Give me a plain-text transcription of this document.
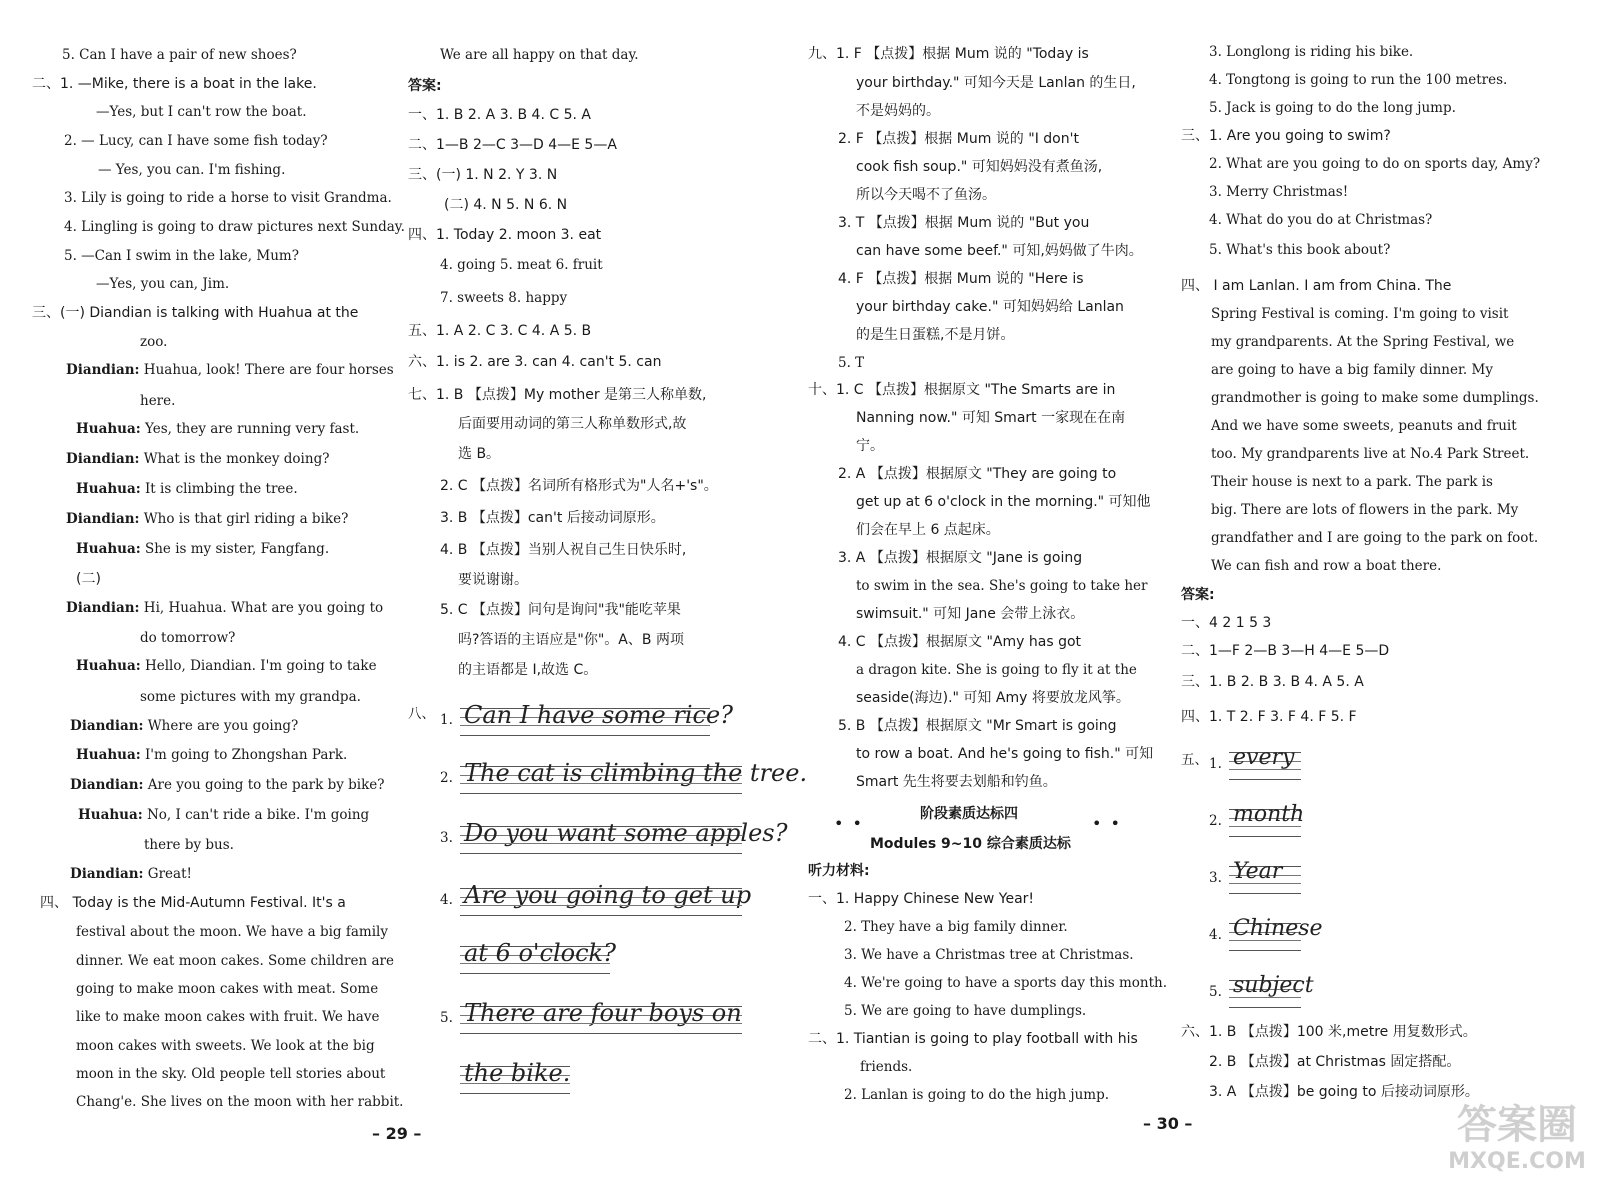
5. Can I have a pair of new shoes?
二、1. —Mike, there is a boat in the lake.
—Yes, but I can't row the boat.
2. — Lucy, can I have some fish today?
— Yes, you can. I'm fishing.
3. Lily is going to ride a horse to visit Grandma.
4. Lingling is going to draw pictures next Sunday.
5. —Can I swim in the lake, Mum?
—Yes, you can, Jim.
三、(一) Diandian is talking with Huahua at the
zoo.
Diandian: Huahua, look! There are four horses
here.
Huahua: Yes, they are running very fast.
Diandian: What is the monkey doing?
Huahua: It is climbing the tree.
Diandian: Who is that girl riding a bike?
Huahua: She is my sister, Fangfang.
(二)
Diandian: Hi, Huahua. What are you going to
do tomorrow?
Huahua: Hello, Diandian. I'm going to take
some pictures with my grandpa.
Diandian: Where are you going?
Huahua: I'm going to Zhongshan Park.
Diandian: Are you going to the park by bike?
Huahua: No, I can't ride a bike. I'm going
there by bus.
Diandian: Great!
四、 Today is the Mid-Autumn Festival. It's a
festival about the moon. We have a big family
dinner. We eat moon cakes. Some children are
going to make moon cakes with meat. Some
like to make moon cakes with fruit. We have
moon cakes with sweets. We look at the big
moon in the sky. Old people tell stories about
Chang'e. She lives on the moon with her rabbit.
八、 1. Can I have some rice?
2. The cat is climbing the tree.
3. Do you want some apples?
4. Are you going to get up
at 6 o'clock?
5. There are four boys on
the bike.
We are all happy on that day.
答案:
一、1. B 2. A 3. B 4. C 5. A
二、1—B 2—C 3—D 4—E 5—A
三、(一) 1. N 2. Y 3. N
(二) 4. N 5. N 6. N
四、1. Today 2. moon 3. eat
4. going 5. meat 6. fruit
7. sweets 8. happy
五、1. A 2. C 3. C 4. A 5. B
六、1. is 2. are 3. can 4. can't 5. can
七、1. B 【点拨】My mother 是第三人称单数,
后面要用动词的第三人称单数形式,故
选 B。
2. C 【点拨】名词所有格形式为"人名+'s"。
3. B 【点拨】can't 后接动词原形。
4. B 【点拨】当别人祝自己生日快乐时,
要说谢谢。
5. C 【点拨】问句是询问"我"能吃苹果
吗?答语的主语应是"你"。A、B 两项
的主语都是 I,故选 C。
• •	• •
九、1. F 【点拨】根据 Mum 说的 "Today is
your birthday." 可知今天是 Lanlan 的生日,
不是妈妈的。
2. F 【点拨】根据 Mum 说的 "I don't
cook fish soup." 可知妈妈没有煮鱼汤,
所以今天喝不了鱼汤。
3. T 【点拨】根据 Mum 说的 "But you
can have some beef." 可知,妈妈做了牛肉。
4. F 【点拨】根据 Mum 说的 "Here is
your birthday cake." 可知妈妈给 Lanlan
的是生日蛋糕,不是月饼。
5. T
十、1. C 【点拨】根据原文 "The Smarts are in
Nanning now." 可知 Smart 一家现在在南
宁。
2. A 【点拨】根据原文 "They are going to
get up at 6 o'clock in the morning." 可知他
们会在早上 6 点起床。
3. A 【点拨】根据原文 "Jane is going
to swim in the sea. She's going to take her
swimsuit." 可知 Jane 会带上泳衣。
4. C 【点拨】根据原文 "Amy has got
a dragon kite. She is going to fly it at the
seaside(海边)." 可知 Amy 将要放龙风筝。
5. B 【点拨】根据原文 "Mr Smart is going
to row a boat. And he's going to fish." 可知
Smart 先生将要去划船和钓鱼。
阶段素质达标四
Modules 9~10 综合素质达标
听力材料:
一、1. Happy Chinese New Year!
2. They have a big family dinner.
3. We have a Christmas tree at Christmas.
4. We're going to have a sports day this month.
5. We are going to have dumplings.
二、1. Tiantian is going to play football with his
friends.
2. Lanlan is going to do the high jump.
五、 1. every
2. month
3. Year
4. Chinese
5. subject
3. Longlong is riding his bike.
4. Tongtong is going to run the 100 metres.
5. Jack is going to do the long jump.
三、1. Are you going to swim?
2. What are you going to do on sports day, Amy?
3. Merry Christmas!
4. What do you do at Christmas?
5. What's this book about?
四、 I am Lanlan. I am from China. The
Spring Festival is coming. I'm going to visit
my grandparents. At the Spring Festival, we
are going to have a big family dinner. My
grandmother is going to make some dumplings.
And we have some sweets, peanuts and fruit
too. My grandparents live at No.4 Park Street.
Their house is next to a park. The park is
big. There are lots of flowers in the park. My
grandfather and I are going to the park on foot.
We can fish and row a boat there.
答案:
一、4 2 1 5 3
二、1—F 2—B 3—H 4—E 5—D
三、1. B 2. B 3. B 4. A 5. A
四、1. T 2. F 3. F 4. F 5. F
六、1. B 【点拨】100 米,metre 用复数形式。
2. B 【点拨】at Christmas 固定搭配。
3. A 【点拨】be going to 后接动词原形。
– 29 –
– 30 –	答案圈
MXQE.COM
